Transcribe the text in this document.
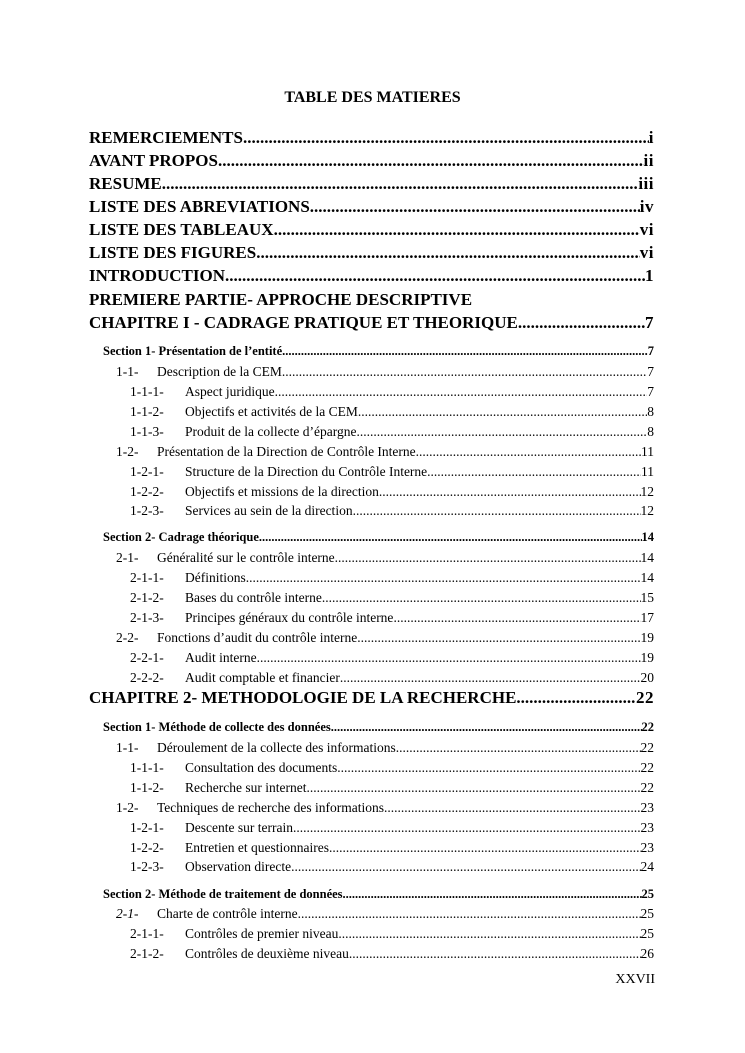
TABLE DES MATIERES
REMERCIEMENTS .....	i
AVANT PROPOS .....	ii
RESUME .....	iii
LISTE DES ABREVIATIONS .....	iv
LISTE DES TABLEAUX .....	vi
LISTE DES FIGURES .....	vi
INTRODUCTION .....	1
PREMIERE PARTIE- APPROCHE DESCRIPTIVE
CHAPITRE I - CADRAGE PRATIQUE ET THEORIQUE .....	7
Section 1- Présentation de l’entité .....	7
1-1-	Description de la CEM .....	7
1-1-1-	Aspect juridique .....	7
1-1-2-	Objectifs et activités de la CEM .....	8
1-1-3-	Produit de la collecte d’épargne .....	8
1-2-	Présentation de la Direction de Contrôle Interne .....	11
1-2-1-	Structure de la Direction du Contrôle Interne .....	11
1-2-2-	Objectifs et missions de la direction .....	12
1-2-3-	Services au sein de la direction .....	12
Section 2- Cadrage théorique .....	14
2-1-	Généralité sur le contrôle interne .....	14
2-1-1-	Définitions .....	14
2-1-2-	Bases du contrôle interne .....	15
2-1-3-	Principes généraux du contrôle interne .....	17
2-2-	Fonctions d’audit du contrôle interne .....	19
2-2-1-	Audit interne .....	19
2-2-2-	Audit comptable et financier .....	20
CHAPITRE 2- METHODOLOGIE DE LA RECHERCHE .....	22
Section 1- Méthode de collecte des données .....	22
1-1-	Déroulement de la collecte des informations .....	22
1-1-1-	Consultation des documents .....	22
1-1-2-	Recherche sur internet .....	22
1-2-	Techniques de recherche des informations .....	23
1-2-1-	Descente sur terrain .....	23
1-2-2-	Entretien et questionnaires .....	23
1-2-3-	Observation directe .....	24
Section 2- Méthode de traitement de données .....	25
2-1-	Charte de contrôle interne .....	25
2-1-1-	Contrôles de premier niveau .....	25
2-1-2-	Contrôles de deuxième niveau .....	26
XXVII
